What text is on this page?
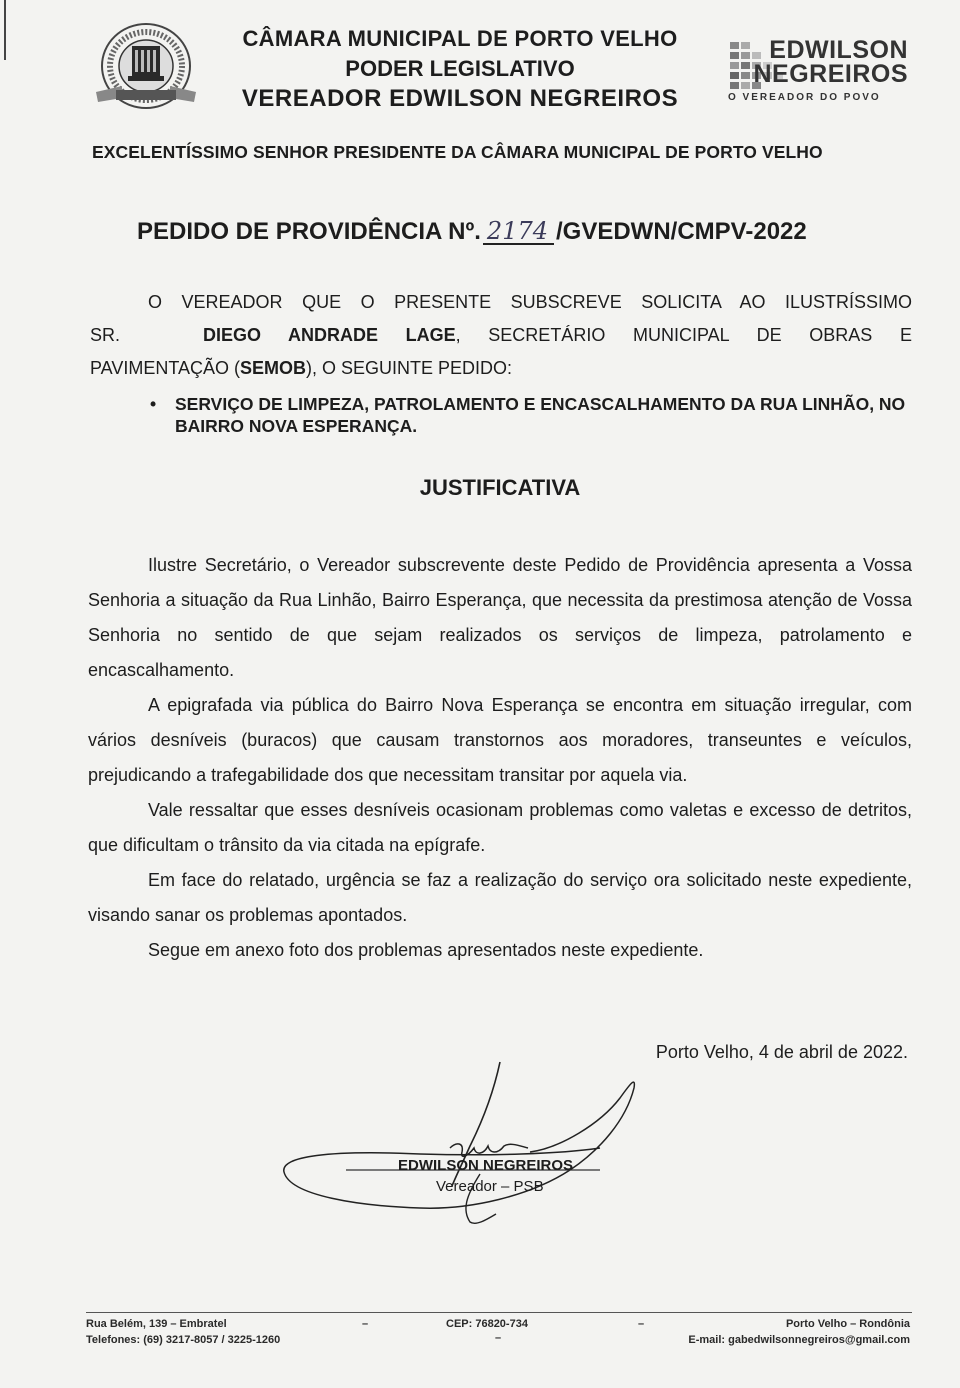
CÂMARA MUNICIPAL DE PORTO VELHO
PODER LEGISLATIVO
VEREADOR EDWILSON NEGREIROS
EDWILSON
NEGREIROS
O VEREADOR DO POVO
EXCELENTÍSSIMO SENHOR PRESIDENTE DA CÂMARA MUNICIPAL DE PORTO VELHO
PEDIDO DE PROVIDÊNCIA Nº. 2174 /GVEDWN/CMPV-2022

O VEREADOR QUE O PRESENTE SUBSCREVE SOLICITA AO ILUSTRÍSSIMO

SR.	DIEGO ANDRADE LAGE, SECRETÁRIO MUNICIPAL DE OBRAS E

PAVIMENTAÇÃO (SEMOB), O SEGUINTE PEDIDO:

• SERVIÇO DE LIMPEZA, PATROLAMENTO E ENCASCALHAMENTO DA RUA LINHÃO, NO BAIRRO NOVA ESPERANÇA.
JUSTIFICATIVA

Ilustre Secretário, o Vereador subscrevente deste Pedido de Providência apresenta a Vossa Senhoria a situação da Rua Linhão, Bairro Esperança, que necessita da prestimosa atenção de Vossa Senhoria no sentido de que sejam realizados os serviços de limpeza, patrolamento e encascalhamento.

A epigrafada via pública do Bairro Nova Esperança se encontra em situação irregular, com vários desníveis (buracos) que causam transtornos aos moradores, transeuntes e veículos, prejudicando a trafegabilidade dos que necessitam transitar por aquela via.

Vale ressaltar que esses desníveis ocasionam problemas como valetas e excesso de detritos, que dificultam o trânsito da via citada na epígrafe.

Em face do relatado, urgência se faz a realização do serviço ora solicitado neste expediente, visando sanar os problemas apontados.

Segue em anexo foto dos problemas apresentados neste expediente.

Porto Velho, 4 de abril de 2022.
EDWILSON NEGREIROS
Vereador – PSB
Rua Belém, 139 – Embratel
Telefones: (69) 3217-8057 / 3225-1260
–	CEP: 76820-734
–
–	Porto Velho – Rondônia
E-mail: gabedwilsonnegreiros@gmail.com
